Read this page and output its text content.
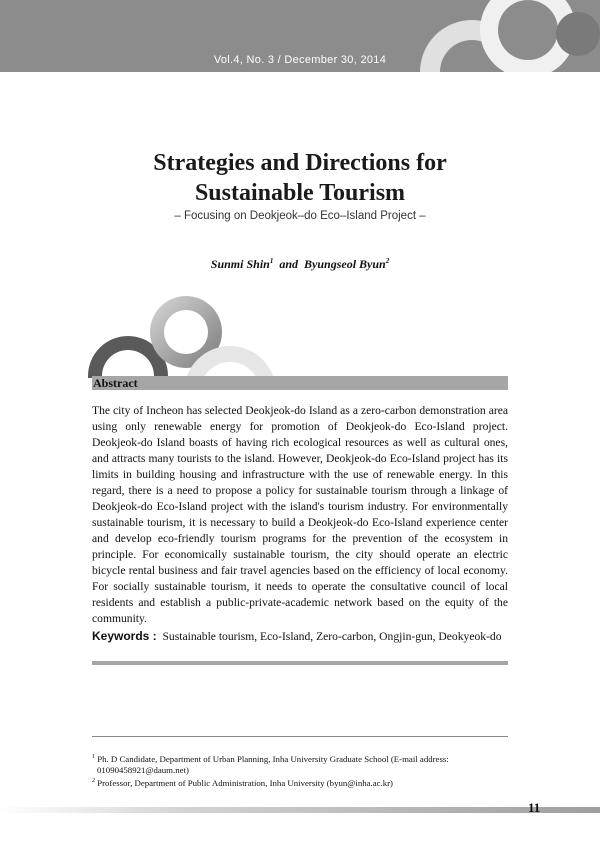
Vol.4, No. 3 / December 30, 2014
Strategies and Directions for
Sustainable Tourism
– Focusing on Deokjeok–do Eco–Island Project –
Sunmi Shin$^1$ and Byungseol Byun$^2$
Abstract

The city of Incheon has selected Deokjeok-do Island as a zero-carbon demonstration area using only renewable energy for promotion of Deokjeok-do Eco-Island project. Deokjeok-do Island boasts of having rich ecological resources as well as cultural ones, and attracts many tourists to the island. However, Deokjeok-do Eco-Island project has its limits in building housing and infrastructure with the use of renewable energy. In this regard, there is a need to propose a policy for sustainable tourism through a linkage of Deokjeok-do Eco-Island project with the island's tourism industry. For environmentally sustainable tourism, it is necessary to build a Deokjeok-do Eco-Island experience center and develop eco-friendly tourism programs for the prevention of the ecosystem in principle. For economically sustainable tourism, the city should operate an electric bicycle rental business and fair travel agencies based on the efficiency of local economy. For socially sustainable tourism, it needs to operate the consultative council of local residents and establish a public-private-academic network based on the equity of the community.

Keywords : Sustainable tourism, Eco-Island, Zero-carbon, Ongjin-gun, Deokyeok-do

$^1$ Ph. D Candidate, Department of Urban Planning, Inha University Graduate School (E-mail address:
01090458921@daum.net)

$^2$ Professor, Department of Public Administration, Inha University (byun@inha.ac.kr)

11
